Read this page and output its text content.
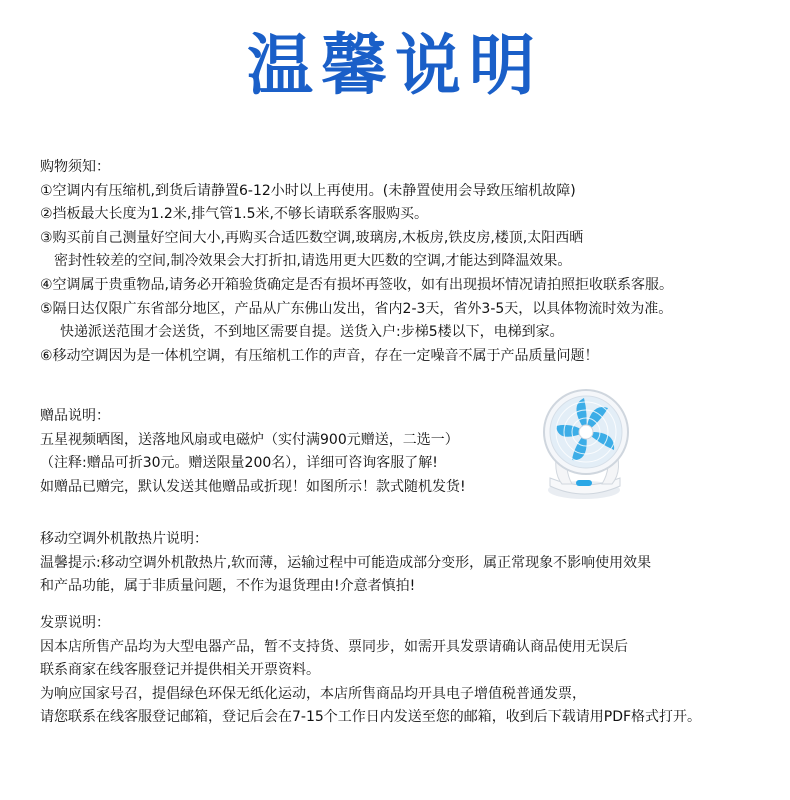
温馨说明
购物须知：
①空调内有压缩机,到货后请静置6-12小时以上再使用。(未静置使用会导致压缩机故障)
②挡板最大长度为1.2米,排气管1.5米,不够长请联系客服购买。
③购买前自己测量好空间大小,再购买合适匹数空调,玻璃房,木板房,铁皮房,楼顶,太阳西晒
密封性较差的空间,制冷效果会大打折扣,请选用更大匹数的空调,才能达到降温效果。
④空调属于贵重物品,请务必开箱验货确定是否有损坏再签收，如有出现损坏情况请拍照拒收联系客服。
⑤隔日达仅限广东省部分地区，产品从广东佛山发出，省内2-3天，省外3-5天，以具体物流时效为准。
快递派送范围才会送货，不到地区需要自提。送货入户:步梯5楼以下，电梯到家。
⑥移动空调因为是一体机空调，有压缩机工作的声音，存在一定噪音不属于产品质量问题！
赠品说明：
五星视频晒图，送落地风扇或电磁炉（实付满900元赠送，二选一）
（注释:赠品可折30元。赠送限量200名），详细可咨询客服了解!
如赠品已赠完，默认发送其他赠品或折现！如图所示！款式随机发货!
移动空调外机散热片说明：
温馨提示:移动空调外机散热片,软而薄，运输过程中可能造成部分变形，属正常现象不影响使用效果
和产品功能，属于非质量问题，不作为退货理由!介意者慎拍!
发票说明：
因本店所售产品均为大型电器产品，暂不支持货、票同步，如需开具发票请确认商品使用无误后
联系商家在线客服登记并提供相关开票资料。
为响应国家号召，提倡绿色环保无纸化运动，本店所售商品均开具电子增值税普通发票，
请您联系在线客服登记邮箱，登记后会在7-15个工作日内发送至您的邮箱，收到后下载请用PDF格式打开。
